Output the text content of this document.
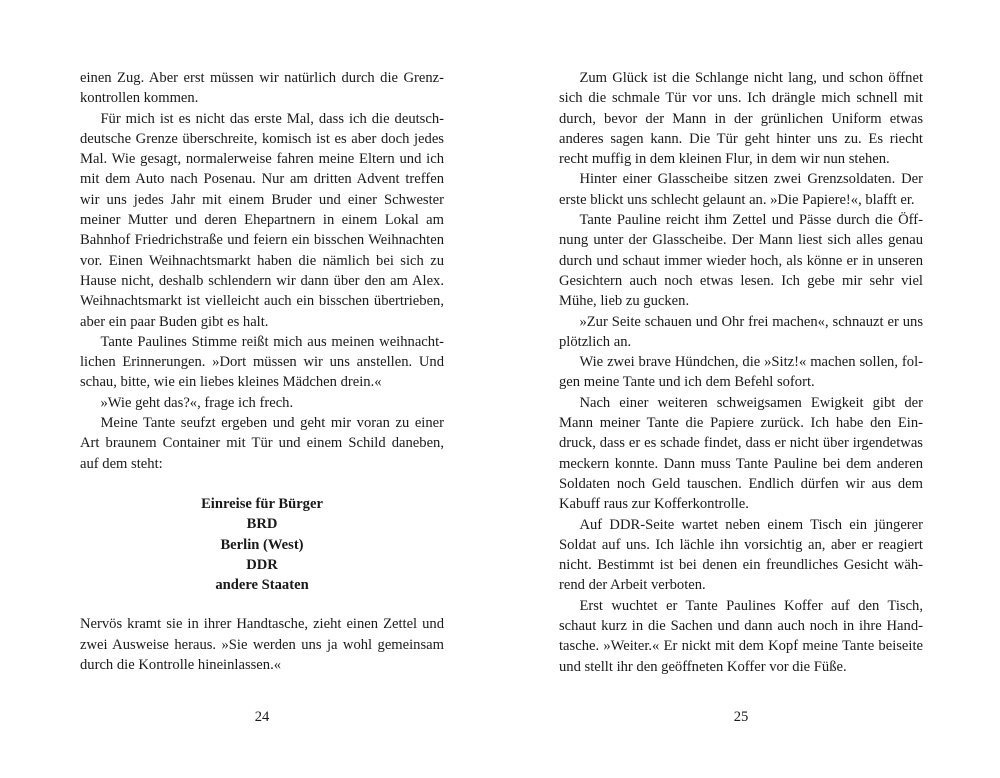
einen Zug. Aber erst müssen wir natürlich durch die Grenzkontrollen kommen.

Für mich ist es nicht das erste Mal, dass ich die deutsch-deutsche Grenze überschreite, komisch ist es aber doch jedes Mal. Wie gesagt, normalerweise fahren meine Eltern und ich mit dem Auto nach Posenau. Nur am dritten Advent treffen wir uns jedes Jahr mit einem Bruder und einer Schwester meiner Mutter und deren Ehepartnern in einem Lokal am Bahnhof Friedrichstraße und feiern ein bisschen Weihnachten vor. Einen Weihnachtsmarkt haben die nämlich bei sich zu Hause nicht, deshalb schlendern wir dann über den am Alex. Weihnachtsmarkt ist vielleicht auch ein bisschen übertrieben, aber ein paar Buden gibt es halt.

Tante Paulines Stimme reißt mich aus meinen weihnachtlichen Erinnerungen. »Dort müssen wir uns anstellen. Und schau, bitte, wie ein liebes kleines Mädchen drein.«

»Wie geht das?«, frage ich frech.

Meine Tante seufzt ergeben und geht mir voran zu einer Art braunem Container mit Tür und einem Schild daneben, auf dem steht:

Einreise für Bürger
BRD
Berlin (West)
DDR
andere Staaten

Nervös kramt sie in ihrer Handtasche, zieht einen Zettel und zwei Ausweise heraus. »Sie werden uns ja wohl gemeinsam durch die Kontrolle hineinlassen.«

Zum Glück ist die Schlange nicht lang, und schon öffnet sich die schmale Tür vor uns. Ich drängle mich schnell mit durch, bevor der Mann in der grünlichen Uniform etwas anderes sagen kann. Die Tür geht hinter uns zu. Es riecht recht muffig in dem kleinen Flur, in dem wir nun stehen.

Hinter einer Glasscheibe sitzen zwei Grenzsoldaten. Der erste blickt uns schlecht gelaunt an. »Die Papiere!«, blafft er.

Tante Pauline reicht ihm Zettel und Pässe durch die Öffnung unter der Glasscheibe. Der Mann liest sich alles genau durch und schaut immer wieder hoch, als könne er in unseren Gesichtern auch noch etwas lesen. Ich gebe mir sehr viel Mühe, lieb zu gucken.

»Zur Seite schauen und Ohr frei machen«, schnauzt er uns plötzlich an.

Wie zwei brave Hündchen, die »Sitz!« machen sollen, folgen meine Tante und ich dem Befehl sofort.

Nach einer weiteren schweigsamen Ewigkeit gibt der Mann meiner Tante die Papiere zurück. Ich habe den Eindruck, dass er es schade findet, dass er nicht über irgendetwas meckern konnte. Dann muss Tante Pauline bei dem anderen Soldaten noch Geld tauschen. Endlich dürfen wir aus dem Kabuff raus zur Kofferkontrolle.

Auf DDR-Seite wartet neben einem Tisch ein jüngerer Soldat auf uns. Ich lächle ihn vorsichtig an, aber er reagiert nicht. Bestimmt ist bei denen ein freundliches Gesicht während der Arbeit verboten.

Erst wuchtet er Tante Paulines Koffer auf den Tisch, schaut kurz in die Sachen und dann auch noch in ihre Handtasche. »Weiter.« Er nickt mit dem Kopf meine Tante beiseite und stellt ihr den geöffneten Koffer vor die Füße.

24	25
